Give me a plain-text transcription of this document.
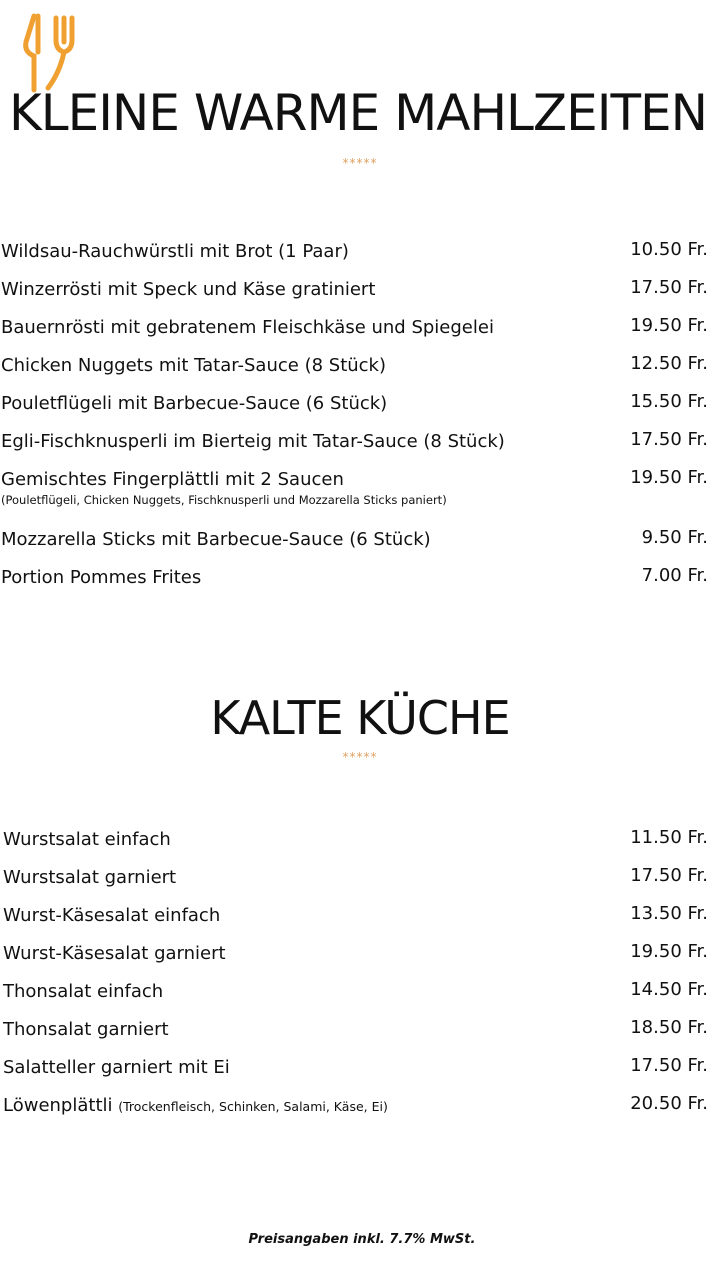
KLEINE WARME MAHLZEITEN
*****
Wildsau-Rauchwürstli mit Brot (1 Paar)	10.50 Fr.
Winzerrösti mit Speck und Käse gratiniert	17.50 Fr.
Bauernrösti mit gebratenem Fleischkäse und Spiegelei	19.50 Fr.
Chicken Nuggets mit Tatar-Sauce (8 Stück)	12.50 Fr.
Pouletflügeli mit Barbecue-Sauce (6 Stück)	15.50 Fr.
Egli-Fischknusperli im Bierteig mit Tatar-Sauce (8 Stück)	17.50 Fr.
Gemischtes Fingerplättli mit 2 Saucen	19.50 Fr.
(Pouletflügeli, Chicken Nuggets, Fischknusperli und Mozzarella Sticks paniert)
Mozzarella Sticks mit Barbecue-Sauce (6 Stück)	9.50 Fr.
Portion Pommes Frites	7.00 Fr.
KALTE KÜCHE
*****
Wurstsalat einfach	11.50 Fr.
Wurstsalat garniert	17.50 Fr.
Wurst-Käsesalat einfach	13.50 Fr.
Wurst-Käsesalat garniert	19.50 Fr.
Thonsalat einfach	14.50 Fr.
Thonsalat garniert	18.50 Fr.
Salatteller garniert mit Ei	17.50 Fr.
Löwenplättli (Trockenfleisch, Schinken, Salami, Käse, Ei)	20.50 Fr.
Preisangaben inkl. 7.7% MwSt.
